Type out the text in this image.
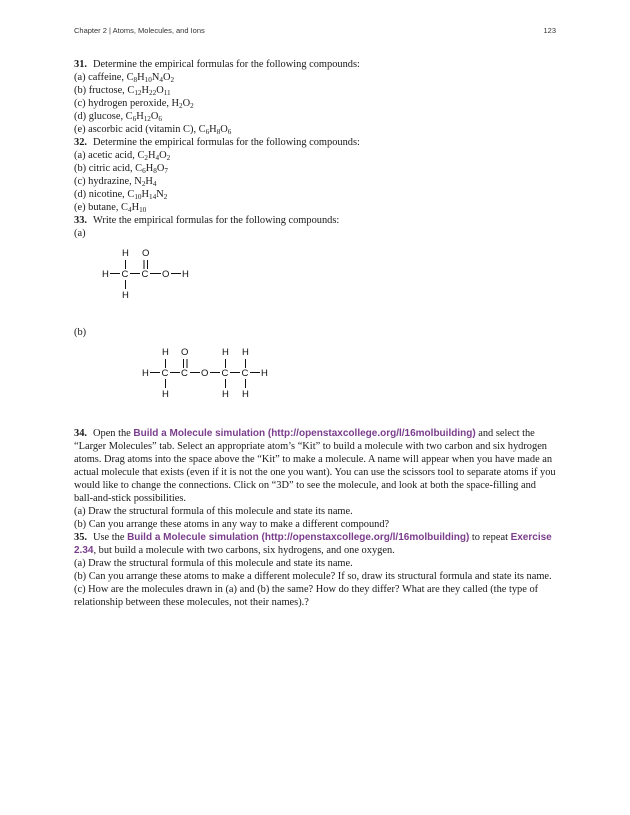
Chapter 2 | Atoms, Molecules, and Ions	123

31. Determine the empirical formulas for the following compounds:

(a) caffeine, $C_8H_{10}N_4O_2$

(b) fructose, $C_{12}H_{22}O_{11}$

(c) hydrogen peroxide, $H_2O_2$

(d) glucose, $C_6H_{12}O_6$

(e) ascorbic acid (vitamin C), $C_6H_8O_6$

32. Determine the empirical formulas for the following compounds:

(a) acetic acid, $C_2H_4O_2$

(b) citric acid, $C_6H_8O_7$

(c) hydrazine, $N_2H_4$

(d) nicotine, $C_{10}H_{14}N_2$

(e) butane, $C_4H_{10}$

33. Write the empirical formulas for the following compounds:

(a)

H O
H C C O H
H

(b)

H O	H H
H C C O C C H
H	H H

34. Open the Build a Molecule simulation (http://openstaxcollege.org/l/16molbuilding) and select the “Larger Molecules” tab. Select an appropriate atom’s “Kit” to build a molecule with two carbon and six hydrogen atoms. Drag atoms into the space above the “Kit” to make a molecule. A name will appear when you have made an actual molecule that exists (even if it is not the one you want). You can use the scissors tool to separate atoms if you would like to change the connections. Click on “3D” to see the molecule, and look at both the space-filling and ball-and-stick possibilities.

(a) Draw the structural formula of this molecule and state its name.

(b) Can you arrange these atoms in any way to make a different compound?

35. Use the Build a Molecule simulation (http://openstaxcollege.org/l/16molbuilding) to repeat Exercise 2.34, but build a molecule with two carbons, six hydrogens, and one oxygen.

(a) Draw the structural formula of this molecule and state its name.

(b) Can you arrange these atoms to make a different molecule? If so, draw its structural formula and state its name.

(c) How are the molecules drawn in (a) and (b) the same? How do they differ? What are they called (the type of relationship between these molecules, not their names).?
